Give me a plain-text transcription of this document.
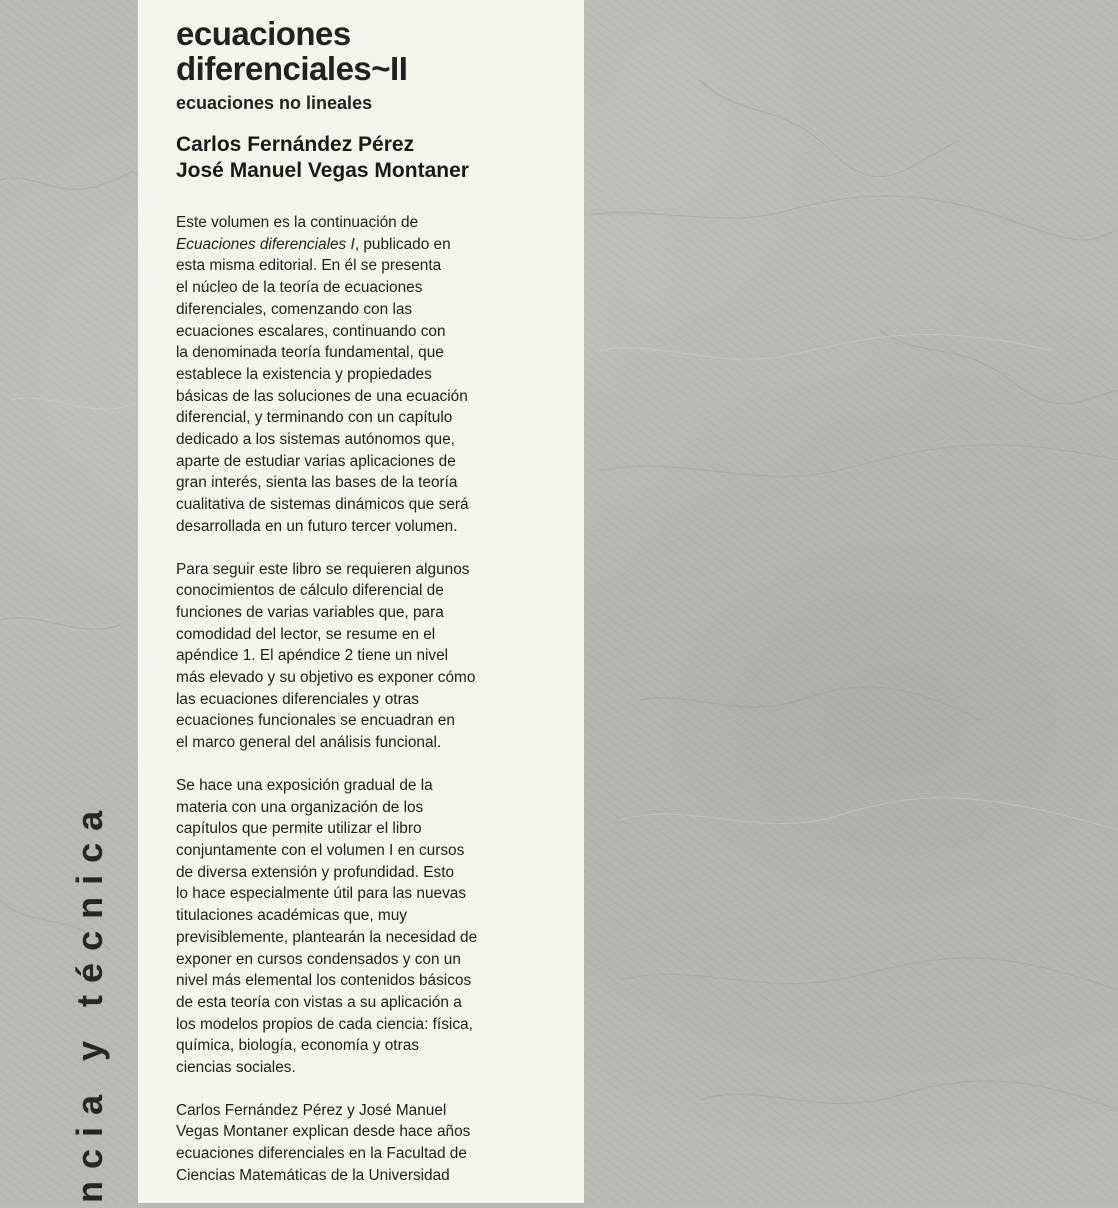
ecuaciones
diferenciales~II
ecuaciones no lineales
Carlos Fernández Pérez
José Manuel Vegas Montaner

Este volumen es la continuación de
Ecuaciones diferenciales I, publicado en
esta misma editorial. En él se presenta
el núcleo de la teoría de ecuaciones
diferenciales, comenzando con las
ecuaciones escalares, continuando con
la denominada teoría fundamental, que
establece la existencia y propiedades
básicas de las soluciones de una ecuación
diferencial, y terminando con un capítulo
dedicado a los sistemas autónomos que,
aparte de estudiar varias aplicaciones de
gran interés, sienta las bases de la teoría
cualitativa de sistemas dinámicos que será
desarrollada en un futuro tercer volumen.

Para seguir este libro se requieren algunos
conocimientos de cálculo diferencial de
funciones de varias variables que, para
comodidad del lector, se resume en el
apéndice 1. El apéndice 2 tiene un nivel
más elevado y su objetivo es exponer cómo
las ecuaciones diferenciales y otras
ecuaciones funcionales se encuadran en
el marco general del análisis funcional.

Se hace una exposición gradual de la
materia con una organización de los
capítulos que permite utilizar el libro
conjuntamente con el volumen I en cursos
de diversa extensión y profundidad. Esto
lo hace especialmente útil para las nuevas
titulaciones académicas que, muy
previsiblemente, plantearán la necesidad de
exponer en cursos condensados y con un
nivel más elemental los contenidos básicos
de esta teoría con vistas a su aplicación a
los modelos propios de cada ciencia: física,
química, biología, economía y otras
ciencias sociales.

Carlos Fernández Pérez y José Manuel
Vegas Montaner explican desde hace años
ecuaciones diferenciales en la Facultad de
Ciencias Matemáticas de la Universidad

ncia y técnica
